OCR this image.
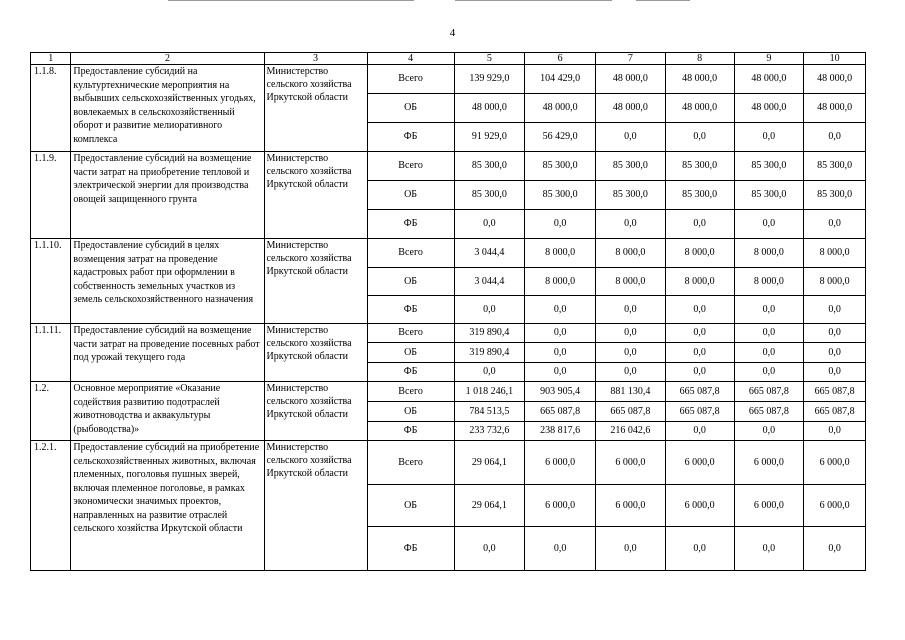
4
1	2	3	4	5	6	7	8	9	10
1.1.8.	Предоставление субсидий на культуртехнические мероприятия на выбывших сельскохозяйственных угодьях, вовлекаемых в сельскохозяйственный оборот и развитие мелиоративного комплекса	Министерство сельского хозяйства Иркутской области	Всего	139 929,0	104 429,0	48 000,0	48 000,0	48 000,0	48 000,0
			ОБ	48 000,0	48 000,0	48 000,0	48 000,0	48 000,0	48 000,0
			ФБ	91 929,0	56 429,0	0,0	0,0	0,0	0,0
1.1.9.	Предоставление субсидий на возмещение части затрат на приобретение тепловой и электрической энергии для производства овощей защищенного грунта	Министерство сельского хозяйства Иркутской области	Всего	85 300,0	85 300,0	85 300,0	85 300,0	85 300,0	85 300,0
			ОБ	85 300,0	85 300,0	85 300,0	85 300,0	85 300,0	85 300,0
			ФБ	0,0	0,0	0,0	0,0	0,0	0,0
1.1.10.	Предоставление субсидий в целях возмещения затрат на проведение кадастровых работ при оформлении в собственность земельных участков из земель сельскохозяйственного назначения	Министерство сельского хозяйства Иркутской области	Всего	3 044,4	8 000,0	8 000,0	8 000,0	8 000,0	8 000,0
			ОБ	3 044,4	8 000,0	8 000,0	8 000,0	8 000,0	8 000,0
			ФБ	0,0	0,0	0,0	0,0	0,0	0,0
1.1.11.	Предоставление субсидий на возмещение части затрат на проведение посевных работ под урожай текущего года	Министерство сельского хозяйства Иркутской области	Всего	319 890,4	0,0	0,0	0,0	0,0	0,0
			ОБ	319 890,4	0,0	0,0	0,0	0,0	0,0
			ФБ	0,0	0,0	0,0	0,0	0,0	0,0
1.2.	Основное мероприятие «Оказание содействия развитию подотраслей животноводства и аквакультуры (рыбоводства)»	Министерство сельского хозяйства Иркутской области	Всего	1 018 246,1	903 905,4	881 130,4	665 087,8	665 087,8	665 087,8
			ОБ	784 513,5	665 087,8	665 087,8	665 087,8	665 087,8	665 087,8
			ФБ	233 732,6	238 817,6	216 042,6	0,0	0,0	0,0
1.2.1.	Предоставление субсидий на приобретение сельскохозяйственных животных, включая племенных, поголовья пушных зверей, включая племенное поголовье, в рамках экономически значимых проектов, направленных на развитие отраслей сельского хозяйства Иркутской области	Министерство сельского хозяйства Иркутской области	Всего	29 064,1	6 000,0	6 000,0	6 000,0	6 000,0	6 000,0
			ОБ	29 064,1	6 000,0	6 000,0	6 000,0	6 000,0	6 000,0
			ФБ	0,0	0,0	0,0	0,0	0,0	0,0
